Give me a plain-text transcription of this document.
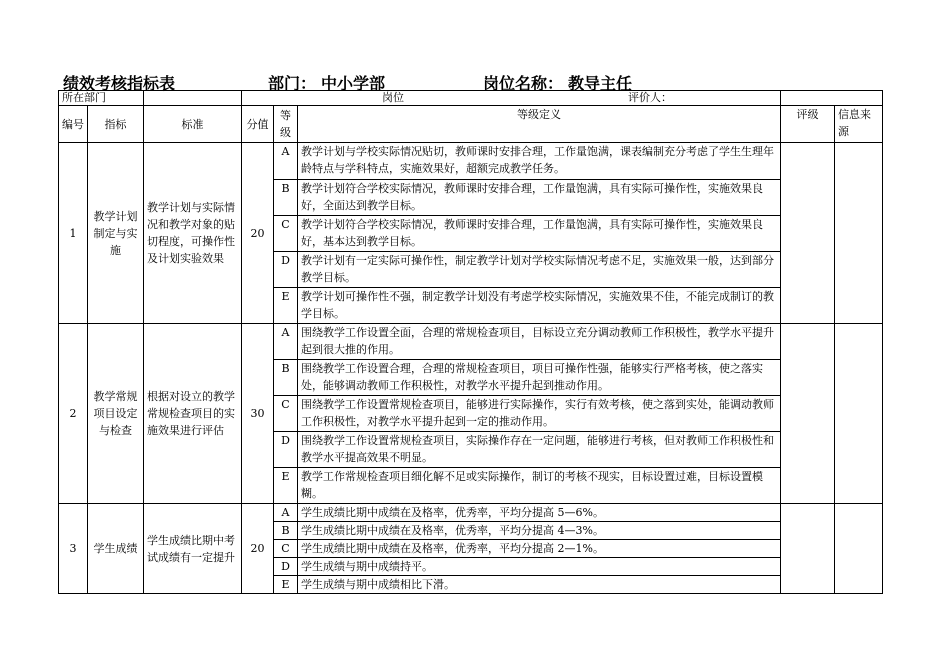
绩效考核指标表	部门： 中小学部	岗位名称： 教导主任
所在部门			岗位 评价人：				
编号	指标	标准	分值	等级	等级定义	评级	信息来源
1	教学计划制定与实施	教学计划与实际情况和教学对象的贴切程度，可操作性及计划实验效果	20	A	教学计划与学校实际情况贴切，教师课时安排合理，工作量饱满，课表编制充分考虑了学生生理年龄特点与学科特点，实施效果好，超额完成教学任务。		
				B	教学计划符合学校实际情况，教师课时安排合理，工作量饱满，具有实际可操作性，实施效果良好，全面达到教学目标。		
				C	教学计划符合学校实际情况，教师课时安排合理，工作量饱满，具有实际可操作性，实施效果良好，基本达到教学目标。		
				D	教学计划有一定实际可操作性，制定教学计划对学校实际情况考虑不足，实施效果一般，达到部分教学目标。		
				E	教学计划可操作性不强，制定教学计划没有考虑学校实际情况，实施效果不佳，不能完成制订的教学目标。		
2	教学常规项目设定与检查	根据对设立的教学常规检查项目的实施效果进行评估	30	A	围绕教学工作设置全面，合理的常规检查项目，目标设立充分调动教师工作积极性，教学水平提升起到很大推的作用。		
				B	围绕教学工作设置合理，合理的常规检查项目，项目可操作性强，能够实行严格考核，使之落实处，能够调动教师工作积极性，对教学水平提升起到推动作用。		
				C	围绕教学工作设置常规检查项目，能够进行实际操作，实行有效考核，使之落到实处，能调动教师工作积极性，对教学水平提升起到一定的推动作用。		
				D	围绕教学工作设置常规检查项目，实际操作存在一定问题，能够进行考核，但对教师工作积极性和教学水平提高效果不明显。		
				E	教学工作常规检查项目细化解不足或实际操作，制订的考核不现实，目标设置过难，目标设置模糊。		
3	学生成绩	学生成绩比期中考试成绩有一定提升	20	A	学生成绩比期中成绩在及格率，优秀率，平均分提高 5—6%。		
				B	学生成绩比期中成绩在及格率，优秀率，平均分提高 4—3%。		
				C	学生成绩比期中成绩在及格率，优秀率，平均分提高 2—1%。		
				D	学生成绩与期中成绩持平。		
				E	学生成绩与期中成绩相比下滑。		
